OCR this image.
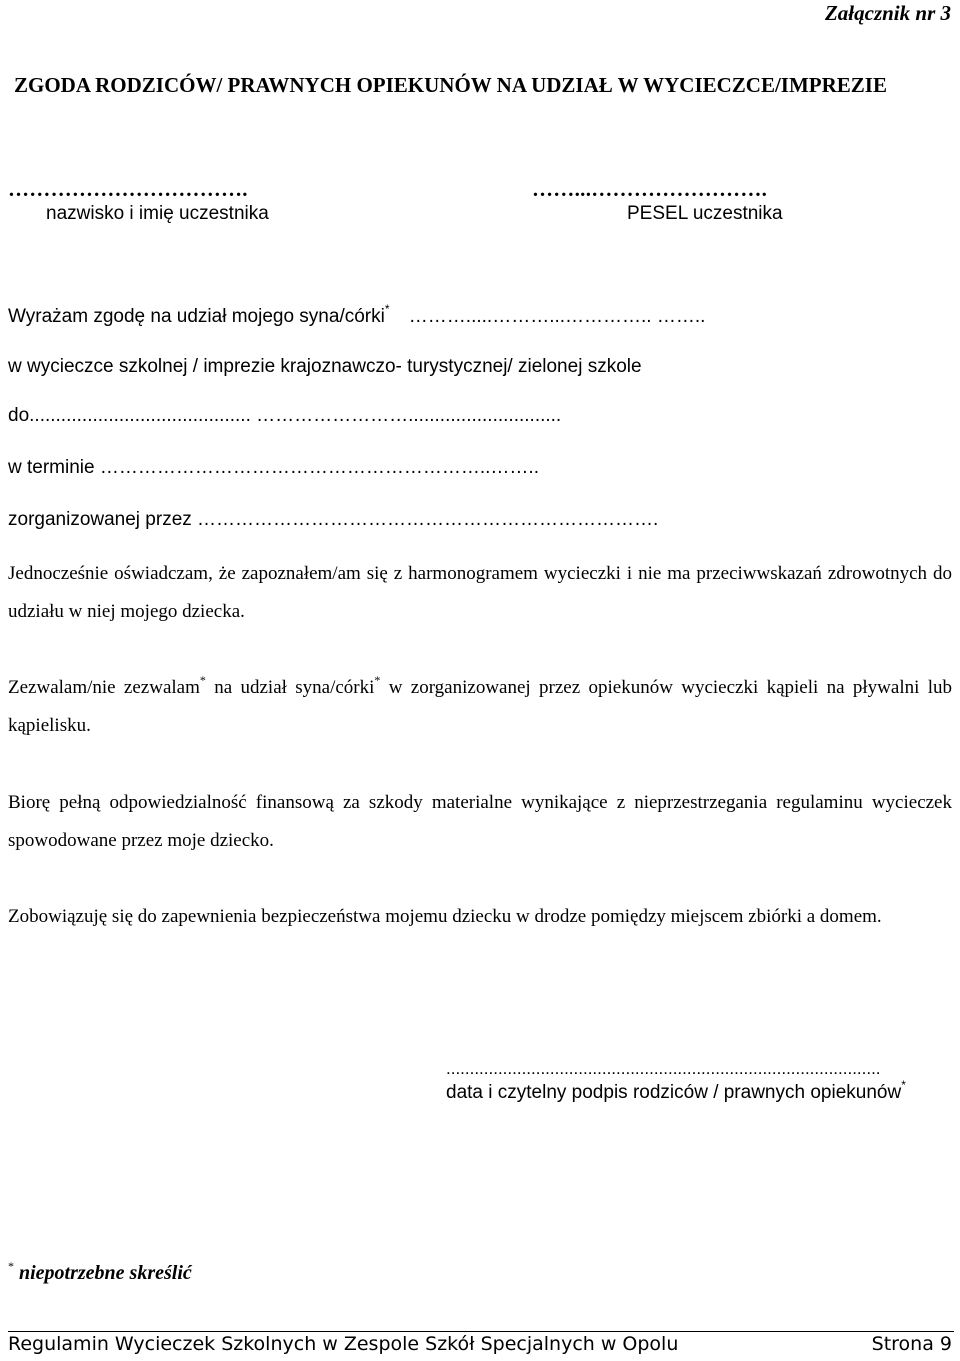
Załącznik nr 3
ZGODA RODZICÓW/ PRAWNYCH OPIEKUNÓW NA UDZIAŁ W WYCIECZCE/IMPREZIE
…………………………….
nazwisko i imię uczestnika
……...…………………….
PESEL uczestnika
Wyrażam zgodę na udział mojego syna/córki* ……….....………...………….. ……..
w wycieczce szkolnej / imprezie krajoznawczo- turystycznej/ zielonej szkole
do.......................................... …………………….............................
w terminie ……………………………………………………..……..
zorganizowanej przez ……………………………………………………………….
Jednocześnie oświadczam, że zapoznałem/am się z harmonogramem wycieczki i nie ma przeciwwskazań zdrowotnych do udziału w niej mojego dziecka.
Zezwalam/nie zezwalam* na udział syna/córki* w zorganizowanej przez opiekunów wycieczki kąpieli na pływalni lub kąpielisku.
Biorę pełną odpowiedzialność finansową za szkody materialne wynikające z nieprzestrzegania regulaminu wycieczek spowodowane przez moje dziecko.
Zobowiązuję się do zapewnienia bezpieczeństwa mojemu dziecku w drodze pomiędzy miejscem zbiórki a domem.
............................................................................................
data i czytelny podpis rodziców / prawnych opiekunów*
* niepotrzebne skreślić
Regulamin Wycieczek Szkolnych w Zespole Szkół Specjalnych w Opolu	Strona 9
